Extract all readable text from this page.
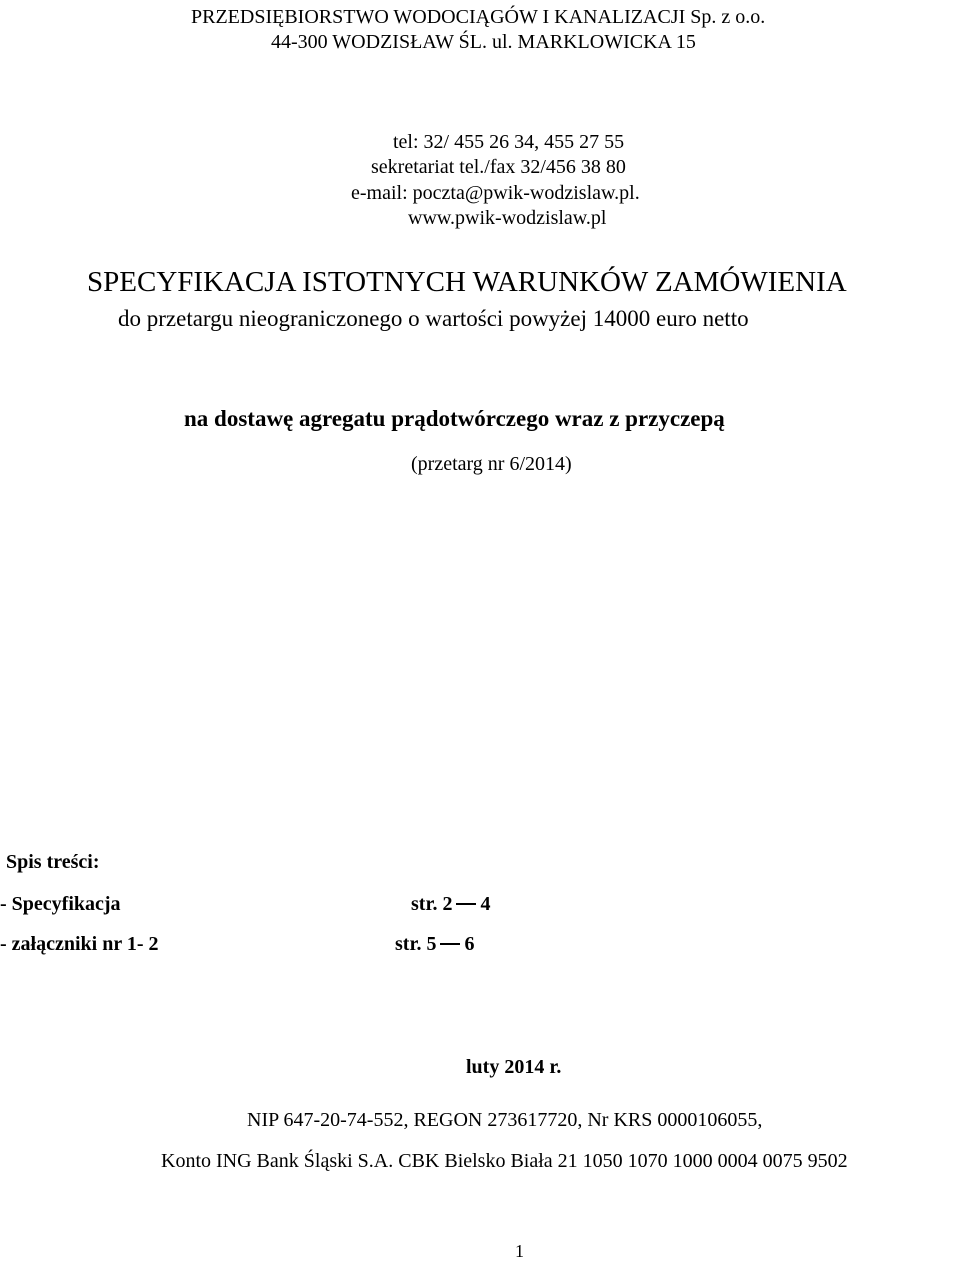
PRZEDSIĘBIORSTWO WODOCIĄGÓW I KANALIZACJI Sp. z o.o.
44-300 WODZISŁAW ŚL. ul. MARKLOWICKA 15
tel: 32/ 455 26 34, 455 27 55
sekretariat tel./fax 32/456 38 80
e-mail: poczta@pwik-wodzislaw.pl.
www.pwik-wodzislaw.pl
SPECYFIKACJA ISTOTNYCH WARUNKÓW ZAMÓWIENIA
do przetargu nieograniczonego o wartości powyżej 14000 euro netto
na dostawę agregatu prądotwórczego wraz z przyczepą
(przetarg nr 6/2014)
Spis treści:
- Specyfikacja	str. 2 4
- załączniki nr 1- 2	str. 5 6
luty 2014 r.
NIP 647-20-74-552, REGON 273617720, Nr KRS 0000106055,
Konto ING Bank Śląski S.A. CBK Bielsko Biała 21 1050 1070 1000 0004 0075 9502
1
